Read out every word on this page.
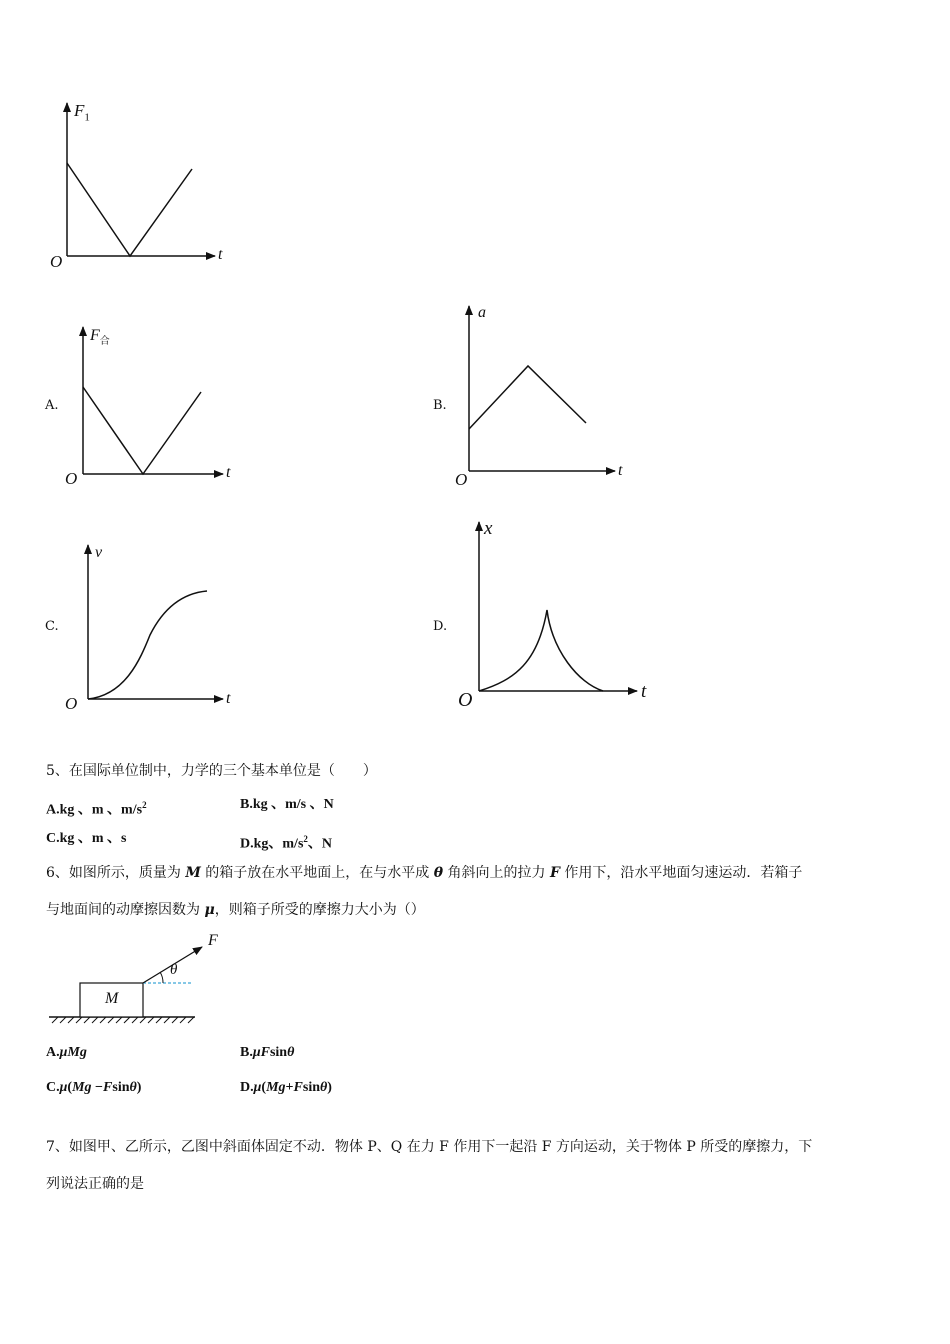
$F_1$
t
O
A.
$F_合$
t
O
B.
a
t
O
C.
v
t
O
D.
x
t
O
5、在国际单位制中，力学的三个基本单位是（　　）
A.kg 、m 、$m/s^2$	B.kg 、m/s 、N
C.kg 、m 、s	D.kg、$m/s^2$、N
6、如图所示，质量为 M 的箱子放在水平地面上，在与水平成 θ 角斜向上的拉力 F 作用下，沿水平地面匀速运动．若箱子
与地面间的动摩擦因数为 μ，则箱子所受的摩擦力大小为（）
M
F
θ
A.μMg	B.μFsinθ
C.μ(Mg −Fsinθ)	D.μ(Mg+Fsinθ)
7、如图甲、乙所示，乙图中斜面体固定不动．物体 P、Q 在力 F 作用下一起沿 F 方向运动，关于物体 P 所受的摩擦力，下
列说法正确的是
